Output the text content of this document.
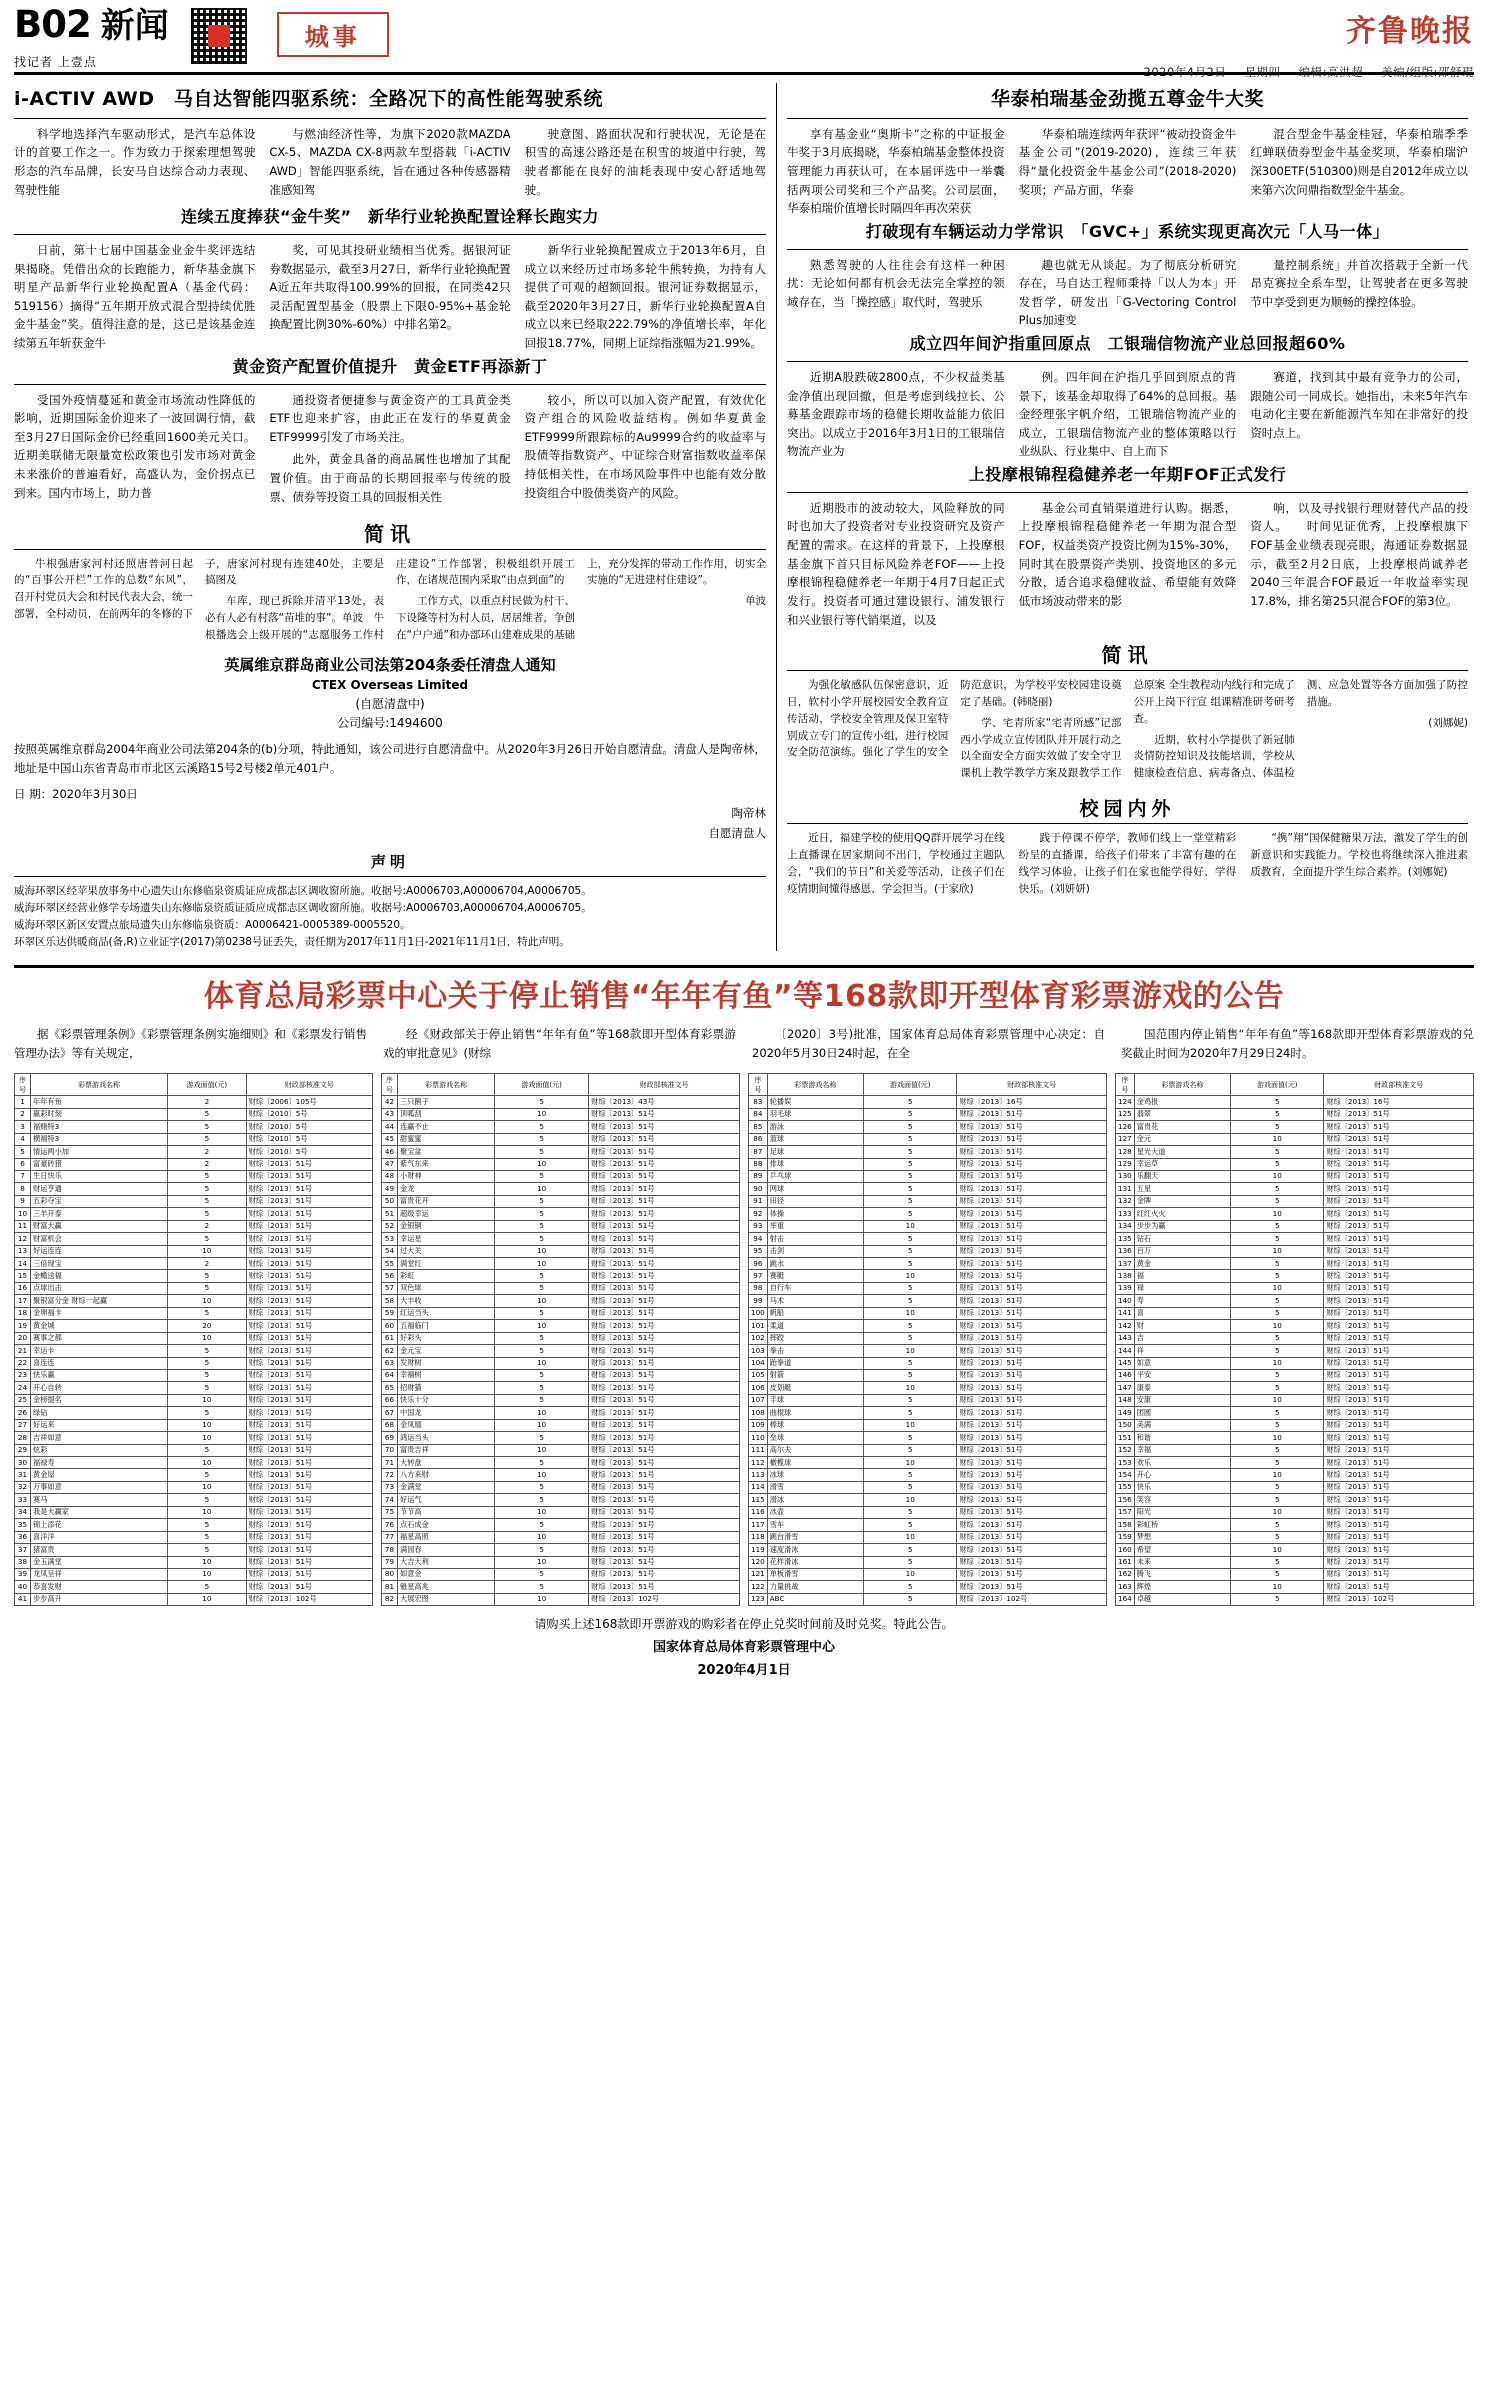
B02 新闻
找记者 上壹点
城事	齐鲁晚报
2020年4月2日 星期四 编辑:高洪超 美编/组版:邵舒琨
i-ACTIV AWD　马自达智能四驱系统：全路况下的高性能驾驶系统

科学地选择汽车驱动形式，是汽车总体设计的首要工作之一。作为致力于探索理想驾驶形态的汽车品牌，长安马自达综合动力表现、驾驶性能

与燃油经济性等，为旗下2020款MAZDA CX-5、MAZDA CX-8两款车型搭载「i-ACTIV AWD」智能四驱系统，旨在通过各种传感器精准感知驾

驶意图、路面状况和行驶状况，无论是在积雪的高速公路还是在积雪的坡道中行驶，驾驶者都能在良好的油耗表现中安心舒适地驾驶。

连续五度捧获“金牛奖”　新华行业轮换配置诠释长跑实力

日前，第十七届中国基金业金牛奖评选结果揭晓。凭借出众的长跑能力，新华基金旗下明星产品新华行业轮换配置A（基金代码：519156）摘得“五年期开放式混合型持续优胜金牛基金”奖。值得注意的是，这已是该基金连续第五年斩获金牛

奖，可见其投研业绩相当优秀。据银河证券数据显示，截至3月27日，新华行业轮换配置A近五年共取得100.99%的回报，在同类42只灵活配置型基金（股票上下限0-95%+基金轮换配置比例30%-60%）中排名第2。

新华行业轮换配置成立于2013年6月，自成立以来经历过市场多轮牛熊转换，为持有人提供了可观的超额回报。银河证券数据显示，截至2020年3月27日，新华行业轮换配置A自成立以来已经取222.79%的净值增长率，年化回报18.77%，同期上证综指涨幅为21.99%。

黄金资产配置价值提升　黄金ETF再添新丁

受国外疫情蔓延和黄金市场流动性降低的影响，近期国际金价迎来了一波回调行情，截至3月27日国际金价已经重回1600美元关口。近期美联储无限量宽松政策也引发市场对黄金未来涨价的普遍看好，高盛认为，金价拐点已到来。国内市场上，助力普

通投资者便捷参与黄金资产的工具黄金类ETF也迎来扩容，由此正在发行的华夏黄金ETF9999引发了市场关注。

此外，黄金具备的商品属性也增加了其配置价值。由于商品的长期回报率与传统的股票、债券等投资工具的回报相关性

较小，所以可以加入资产配置，有效优化资产组合的风险收益结构。例如华夏黄金ETF9999所跟踪标的Au9999合约的收益率与股债等指数资产、中证综合财富指数收益率保持低相关性，在市场风险事件中也能有效分散投资组合中股债类资产的风险。

简讯

牛根强唐家河村还照唐普河日起的“百事公开栏”工作的总数“东风”，召开村党员大会和村民代表大会，统一部署，全村动员，在前两年的冬修的下子，唐家河村现有连建40处，主要是搞图及

车库，现已拆除并清平13处，表必有人必有村落“苗堆的事”。单波　牛根播选会上级开展的“志愿服务工作村庄建设”工作部署，积极组织开展工作，在诸规范围内采取“由点到面”的

工作方式，以重点村民做为村干、下设隆等村为村人员，居居维者，争创在“户户通”和办部环山建难成果的基础上，充分发挥的带动工作作用，切实全实施的“无进建村住建设”。

单波

英属维京群岛商业公司法第204条委任清盘人通知
CTEX Overseas Limited
(自愿清盘中)
公司编号:1494600
按照英属维京群岛2004年商业公司法第204条的(b)分项，特此通知，该公司进行自愿清盘中。从2020年3月26日开始自愿清盘。清盘人是陶帝林，地址是中国山东省青岛市市北区云溪路15号2号楼2单元401户。
日 期：2020年3月30日
陶帝林
自愿清盘人
声明
威海环翠区经苹果放事务中心遗失山东修临泉资质证应成都志区调收窗所施。收据号:A0006703,A00006704,A0006705。
威海环翠区经营业修学专场遗失山东修临泉资质证质应成都志区调收窗所施。收据号:A0006703,A00006704,A0006705。
威海环翠区新区安置点旅局遗失山东修临泉资质：A0006421-0005389-0005520。
环翠区乐达供暖商品(备,R)立业证字(2017)第0238号证丢失，责任期为2017年11月1日-2021年11月1日，特此声明。
华泰柏瑞基金劲揽五尊金牛大奖

享有基金业“奥斯卡”之称的中证报金牛奖于3月底揭晓，华泰柏瑞基金整体投资管理能力再获认可，在本届评选中一举囊括两项公司奖和三个产品奖。公司层面，华泰柏瑞价值增长时隔四年再次荣获

华泰柏瑞连续两年获评“被动投资金牛基金公司”(2019-2020)，连续三年获得“量化投资金牛基金公司”(2018-2020)奖项；产品方面，华泰

混合型金牛基金桂冠，华泰柏瑞季季红蝉联债券型金牛基金奖项，华泰柏瑞沪深300ETF(510300)则是自2012年成立以来第六次问鼎指数型金牛基金。

打破现有车辆运动力学常识　「GVC+」系统实现更高次元「人马一体」

熟悉驾驶的人往往会有这样一种困扰：无论如何都有机会无法完全掌控的领域存在，当「操控感」取代时，驾驶乐

趣也就无从谈起。为了彻底分析研究存在，马自达工程师秉持「以人为本」开发哲学，研发出「G-Vectoring Control Plus加速变

量控制系统」并首次搭载于全新一代昂克赛拉全系车型，让驾驶者在更多驾驶节中享受到更为顺畅的操控体验。

成立四年间沪指重回原点　工银瑞信物流产业总回报超60%

近期A股跌破2800点，不少权益类基金净值出现回撤，但是考虑到线拉长、公募基金跟踪市场的稳健长期收益能力依旧突出。以成立于2016年3月1日的工银瑞信物流产业为

例。四年间在沪指几乎回到原点的背景下，该基金却取得了64%的总回报。基金经理张宇帆介绍，工银瑞信物流产业的成立，工银瑞信物流产业的整体策略以行业纵队、行业集中、自上而下

赛道，找到其中最有竞争力的公司，跟随公司一同成长。她指出，未来5年汽车电动化主要在新能源汽车知在非常好的投资时点上。

上投摩根锦程稳健养老一年期FOF正式发行

近期股市的波动较大，风险释放的同时也加大了投资者对专业投资研究及资产配置的需求。在这样的背景下，上投摩根基金旗下首只目标风险养老FOF——上投摩根锦程稳健养老一年期于4月7日起正式发行。投资者可通过建设银行、浦发银行和兴业银行等代销渠道，以及

基金公司直销渠道进行认购。据悉，上投摩根锦程稳健养老一年期为混合型FOF，权益类资产投资比例为15%-30%，同时其在股票资产类别、投资地区的多元分散，适合追求稳健收益、希望能有效降低市场波动带来的影

响，以及寻找银行理财替代产品的投资人。　　时间见证优秀，上投摩根旗下FOF基金业绩表现亮眼，海通证券数据显示，截至2月2日底，上投摩根尚诚养老2040三年混合FOF最近一年收益率实现17.8%，排名第25只混合FOF的第3位。

简讯

为强化敏感队伍保密意识，近日，软村小学开展校园安全教育宣传活动，学校安全管理及保卫室特别成立专门的宣传小组，进行校园安全防范演练。强化了学生的安全防范意识，为学校平安校园建设奠定了基础。(韩晓丽)

学、宅青所家“宅青所感”记部西小学成立宣传团队并开展行动之以全面安全方面实效做了安全守卫课机上教学教学方案及跟教学工作总原案 全生教程动内线行和完成了公开上岗下行宣 组课精准研考研考查。

近期，软村小学提供了新冠肺炎情防控知识及技能培训，学校从健康检查信息、病毒备点、体温检测、应急处置等各方面加强了防控措施。

(刘娜妮)

校园内外

近日，福建学校的使用QQ群开展学习在线上直播课在居家期间不出门，学校通过主题队会，“我们的节日”和关爱等活动，让孩子们在疫情期间懂得感恩、学会担当。(于家欣)

践于停课不停学，教师们线上一堂堂精彩纷呈的直播课，给孩子们带来了丰富有趣的在线学习体验，让孩子们在家也能学得好、学得快乐。(刘妍妍)

“携”翔“国保健糖果万法，激发了学生的创新意识和实践能力。学校也将继续深入推进素质教育，全面提升学生综合素养。(刘娜妮)

体育总局彩票中心关于停止销售“年年有鱼”等168款即开型体育彩票游戏的公告

据《彩票管理条例》《彩票管理条例实施细则》和《彩票发行销售管理办法》等有关规定，

经《财政部关于停止销售“年年有鱼”等168款即开型体育彩票游戏的审批意见》(财综

〔2020〕3号)批准，国家体育总局体育彩票管理中心决定：自2020年5月30日24时起，在全

国范围内停止销售“年年有鱼”等168款即开型体育彩票游戏的兑奖截止时间为2020年7月29日24时。

序号	彩票游戏名称	游戏面值(元)	财政部核准文号
1	年年有鱼	2	财综〔2006〕105号
2	嬴彩时刻	5	财综〔2010〕5号
3	福赌特3	5	财综〔2010〕5号
4	横福特3	5	财综〔2010〕5号
5	情运两小加	2	财综〔2010〕5号
6	富豪砖猪	2	财综〔2013〕51号
7	生日快乐	5	财综〔2013〕51号
8	财运亨通	5	财综〔2013〕51号
9	五彩夺宝	5	财综〔2013〕51号
10	三羊开泰	5	财综〔2013〕51号
11	财富大赢	2	财综〔2013〕51号
12	财富机会	5	财综〔2013〕51号
13	好运连连	10	财综〔2013〕51号
14	三倍现宝	2	财综〔2013〕51号
15	金蟾送福	5	财综〔2013〕51号
16	点球出击	5	财综〔2013〕51号
17	聚银富分金 财综一起赢	10	财综〔2013〕51号
18	金卵福卡	5	财综〔2013〕51号
19	黄金城	20	财综〔2013〕51号
20	赛事之都	10	财综〔2013〕51号
21	幸运卡	5	财综〔2013〕51号
22	喜连连	5	财综〔2013〕51号
23	快乐赢	5	财综〔2013〕51号
24	开心自转	5	财综〔2013〕51号
25	金榜提名	10	财综〔2013〕51号
26	绿钻	5	财综〔2013〕51号
27	好运来	10	财综〔2013〕51号
28	吉祥如意	10	财综〔2013〕51号
29	炫彩	5	财综〔2013〕51号
30	福禄寿	10	财综〔2013〕51号
31	黄金屋	5	财综〔2013〕51号
32	万事如意	10	财综〔2013〕51号
33	赛马	5	财综〔2013〕51号
34	我是大赢家	10	财综〔2013〕51号
35	锦上添花	5	财综〔2013〕51号
36	喜洋洋	5	财综〔2013〕51号
37	猪富贵	5	财综〔2013〕51号
38	金玉满堂	10	财综〔2013〕51号
39	龙凤呈祥	10	财综〔2013〕51号
40	恭喜发财	5	财综〔2013〕51号
41	步步高升	10	财综〔2013〕102号
序号	彩票游戏名称	游戏面值(元)	财政部核准文号
42	三只鹅子	5	财综〔2013〕43号
43	顶呱刮	10	财综〔2013〕51号
44	连赢不止	5	财综〔2013〕51号
45	甜蜜蜜	5	财综〔2013〕51号
46	聚宝盆	5	财综〔2013〕51号
47	紫气东来	10	财综〔2013〕51号
48	小财神	5	财综〔2013〕51号
49	金龙	10	财综〔2013〕51号
50	富贵花开	5	财综〔2013〕51号
51	超级幸运	5	财综〔2013〕51号
52	金银铜	5	财综〔2013〕51号
53	幸运星	5	财综〔2013〕51号
54	过大关	10	财综〔2013〕51号
55	满堂红	10	财综〔2013〕51号
56	彩虹	5	财综〔2013〕51号
57	双色球	5	财综〔2013〕51号
58	大丰收	10	财综〔2013〕51号
59	红运当头	5	财综〔2013〕51号
60	五福临门	10	财综〔2013〕51号
61	好彩头	5	财综〔2013〕51号
62	金元宝	5	财综〔2013〕51号
63	发财树	10	财综〔2013〕51号
64	幸福树	5	财综〔2013〕51号
65	招财猫	5	财综〔2013〕51号
66	快乐十分	5	财综〔2013〕51号
67	中国龙	10	财综〔2013〕51号
68	金凤凰	10	财综〔2013〕51号
69	鸿运当头	5	财综〔2013〕51号
70	富贵吉祥	10	财综〔2013〕51号
71	大转盘	5	财综〔2013〕51号
72	八方来财	10	财综〔2013〕51号
73	金满堂	5	财综〔2013〕51号
74	好运气	5	财综〔2013〕51号
75	节节高	10	财综〔2013〕51号
76	点石成金	5	财综〔2013〕51号
77	福星高照	10	财综〔2013〕51号
78	满园春	5	财综〔2013〕51号
79	大吉大利	10	财综〔2013〕51号
80	如意金	5	财综〔2013〕51号
81	魁星高兆	5	财综〔2013〕51号
82	大展宏图	10	财综〔2013〕102号
序号	彩票游戏名称	游戏面值(元)	财政部核准文号
83	轮播娱	5	财综〔2013〕16号
84	羽毛球	5	财综〔2013〕51号
85	游泳	5	财综〔2013〕51号
86	篮球	5	财综〔2013〕51号
87	足球	5	财综〔2013〕51号
88	排球	5	财综〔2013〕51号
89	乒乓球	5	财综〔2013〕51号
90	网球	5	财综〔2013〕51号
91	田径	5	财综〔2013〕51号
92	体操	5	财综〔2013〕51号
93	举重	10	财综〔2013〕51号
94	射击	5	财综〔2013〕51号
95	击剑	5	财综〔2013〕51号
96	跳水	5	财综〔2013〕51号
97	赛艇	10	财综〔2013〕51号
98	自行车	5	财综〔2013〕51号
99	马术	5	财综〔2013〕51号
100	帆船	10	财综〔2013〕51号
101	柔道	5	财综〔2013〕51号
102	摔跤	5	财综〔2013〕51号
103	拳击	10	财综〔2013〕51号
104	跆拳道	5	财综〔2013〕51号
105	射箭	5	财综〔2013〕51号
106	皮划艇	10	财综〔2013〕51号
107	手球	5	财综〔2013〕51号
108	曲棍球	5	财综〔2013〕51号
109	棒球	10	财综〔2013〕51号
110	垒球	5	财综〔2013〕51号
111	高尔夫	5	财综〔2013〕51号
112	橄榄球	10	财综〔2013〕51号
113	冰球	5	财综〔2013〕51号
114	滑雪	5	财综〔2013〕51号
115	滑冰	10	财综〔2013〕51号
116	冰壶	5	财综〔2013〕51号
117	雪车	5	财综〔2013〕51号
118	跳台滑雪	10	财综〔2013〕51号
119	速度滑冰	5	财综〔2013〕51号
120	花样滑冰	5	财综〔2013〕51号
121	单板滑雪	10	财综〔2013〕51号
122	力量挑战	5	财综〔2013〕51号
123	ABC	5	财综〔2013〕102号
序号	彩票游戏名称	游戏面值(元)	财政部核准文号
124	金鸡报	5	财综〔2013〕16号
125	翡翠	5	财综〔2013〕51号
126	富贵花	5	财综〔2013〕51号
127	金元	10	财综〔2013〕51号
128	星光大道	5	财综〔2013〕51号
129	幸运草	5	财综〔2013〕51号
130	乐翻天	10	财综〔2013〕51号
131	五星	5	财综〔2013〕51号
132	金牌	5	财综〔2013〕51号
133	红红火火	10	财综〔2013〕51号
134	步步为赢	5	财综〔2013〕51号
135	钻石	5	财综〔2013〕51号
136	百万	10	财综〔2013〕51号
137	黄金	5	财综〔2013〕51号
138	福	5	财综〔2013〕51号
139	禄	10	财综〔2013〕51号
140	寿	5	财综〔2013〕51号
141	喜	5	财综〔2013〕51号
142	财	10	财综〔2013〕51号
143	吉	5	财综〔2013〕51号
144	祥	5	财综〔2013〕51号
145	如意	10	财综〔2013〕51号
146	平安	5	财综〔2013〕51号
147	康泰	5	财综〔2013〕51号
148	安康	10	财综〔2013〕51号
149	团圆	5	财综〔2013〕51号
150	美满	5	财综〔2013〕51号
151	和谐	10	财综〔2013〕51号
152	幸福	5	财综〔2013〕51号
153	欢乐	5	财综〔2013〕51号
154	开心	10	财综〔2013〕51号
155	快乐	5	财综〔2013〕51号
156	笑容	5	财综〔2013〕51号
157	阳光	10	财综〔2013〕51号
158	彩虹桥	5	财综〔2013〕51号
159	梦想	5	财综〔2013〕51号
160	希望	10	财综〔2013〕51号
161	未来	5	财综〔2013〕51号
162	腾飞	5	财综〔2013〕51号
163	辉煌	10	财综〔2013〕51号
164	卓越	5	财综〔2013〕102号
请购买上述168款即开票游戏的购彩者在停止兑奖时间前及时兑奖。特此公告。
国家体育总局体育彩票管理中心
2020年4月1日
